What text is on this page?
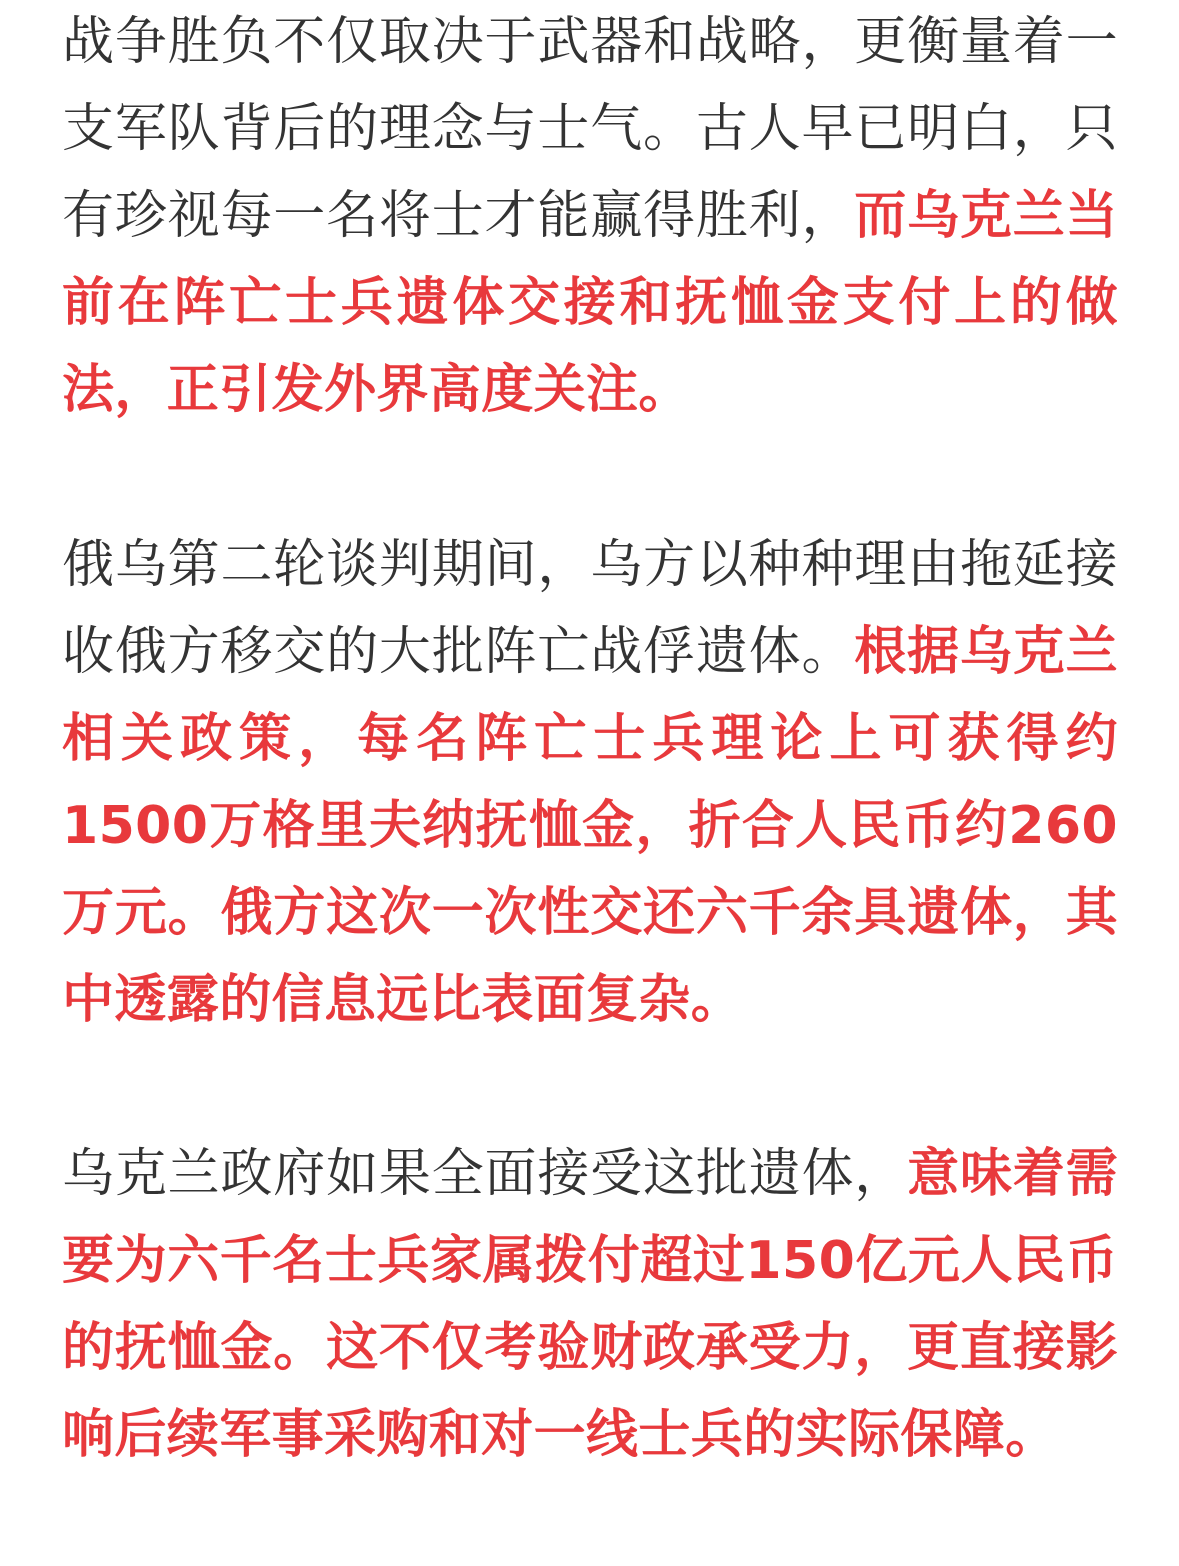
战争胜负不仅取决于武器和战略，更衡量着一支军队背后的理念与士气。古人早已明白，只有珍视每一名将士才能赢得胜利，而乌克兰当前在阵亡士兵遗体交接和抚恤金支付上的做法，正引发外界高度关注。

俄乌第二轮谈判期间，乌方以种种理由拖延接收俄方移交的大批阵亡战俘遗体。根据乌克兰相关政策，每名阵亡士兵理论上可获得约1500万格里夫纳抚恤金，折合人民币约260万元。俄方这次一次性交还六千余具遗体，其中透露的信息远比表面复杂。

乌克兰政府如果全面接受这批遗体，意味着需要为六千名士兵家属拨付超过150亿元人民币的抚恤金。这不仅考验财政承受力，更直接影响后续军事采购和对一线士兵的实际保障。
